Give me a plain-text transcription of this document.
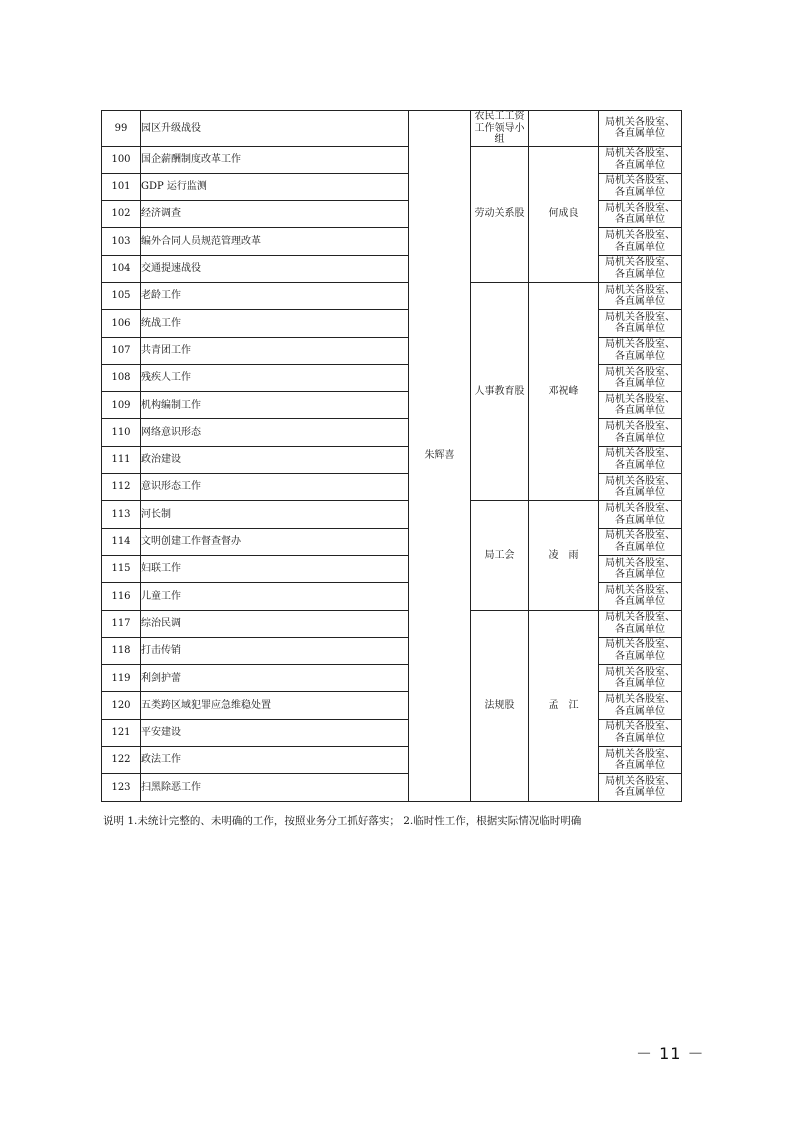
99	园区升级战役	朱辉喜	农民工工资工作领导小组		局机关各股室、
各直属单位

100	国企薪酬制度改革工作		劳动关系股	何成良	局机关各股室、
各直属单位

101	GDP 运行监测				局机关各股室、
各直属单位

102	经济调查				局机关各股室、
各直属单位

103	编外合同人员规范管理改革				局机关各股室、
各直属单位

104	交通提速战役				局机关各股室、
各直属单位

105	老龄工作		人事教育股	邓祝峰	局机关各股室、
各直属单位

106	统战工作				局机关各股室、
各直属单位

107	共青团工作				局机关各股室、
各直属单位

108	残疾人工作				局机关各股室、
各直属单位

109	机构编制工作				局机关各股室、
各直属单位

110	网络意识形态				局机关各股室、
各直属单位

111	政治建设				局机关各股室、
各直属单位

112	意识形态工作				局机关各股室、
各直属单位

113	河长制		局工会	凌　雨	局机关各股室、
各直属单位

114	文明创建工作督查督办				局机关各股室、
各直属单位

115	妇联工作				局机关各股室、
各直属单位

116	儿童工作				局机关各股室、
各直属单位

117	综治民调		法规股	孟　江	局机关各股室、
各直属单位

118	打击传销				局机关各股室、
各直属单位

119	利剑护蕾				局机关各股室、
各直属单位

120	五类跨区域犯罪应急维稳处置				局机关各股室、
各直属单位

121	平安建设				局机关各股室、
各直属单位

122	政法工作				局机关各股室、
各直属单位

123	扫黑除恶工作				局机关各股室、
各直属单位
说明 1.未统计完整的、未明确的工作，按照业务分工抓好落实； 2.临时性工作，根据实际情况临时明确
－ 11 －
